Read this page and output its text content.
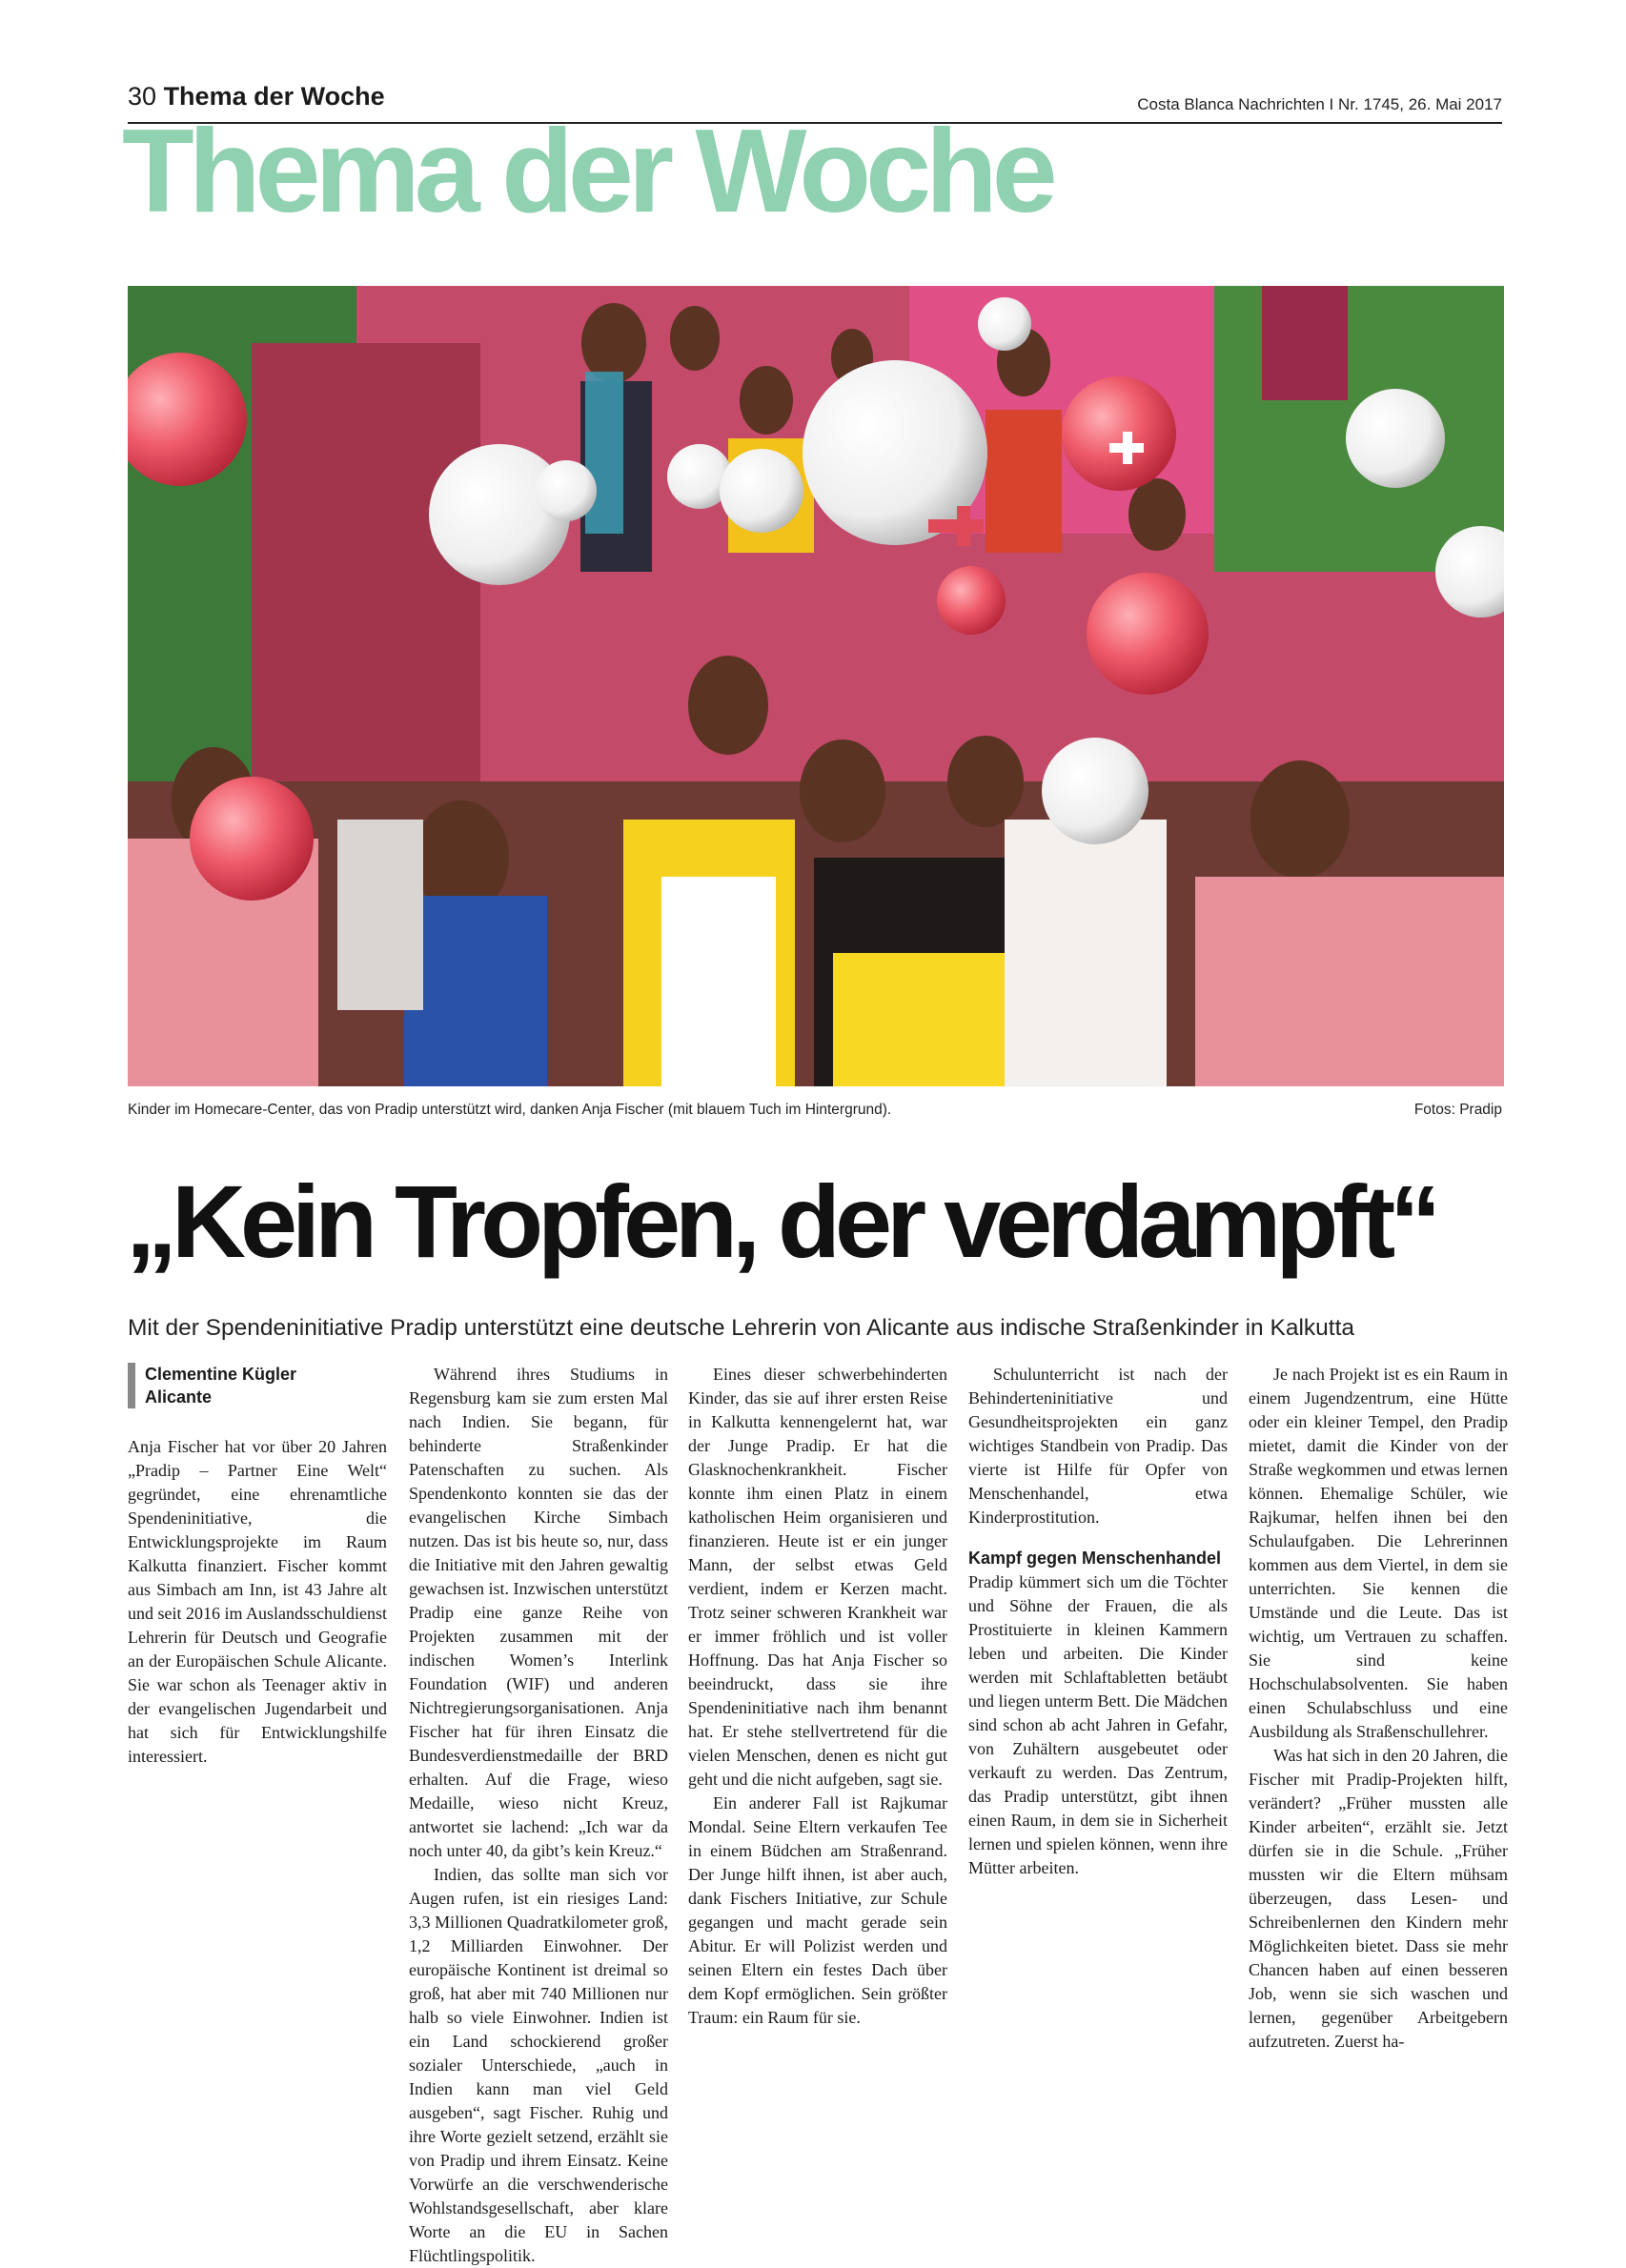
30 Thema der Woche	Costa Blanca Nachrichten I Nr. 1745, 26. Mai 2017
Thema der Woche
Kinder im Homecare-Center, das von Pradip unterstützt wird, danken Anja Fischer (mit blauem Tuch im Hintergrund).	Fotos: Pradip
„Kein Tropfen, der verdampft“
Mit der Spendeninitiative Pradip unterstützt eine deutsche Lehrerin von Alicante aus indische Straßenkinder in Kalkutta
Clementine Kügler
Alicante

Anja Fischer hat vor über 20 Jahren „Pradip – Partner Eine Welt“ gegründet, eine ehrenamtliche Spendeninitiative, die Entwicklungsprojekte im Raum Kalkutta finanziert. Fischer kommt aus Simbach am Inn, ist 43 Jahre alt und seit 2016 im Auslandsschuldienst Lehrerin für Deutsch und Geografie an der Europäischen Schule Alicante. Sie war schon als Teenager aktiv in der evangelischen Jugendarbeit und hat sich für Entwicklungshilfe interessiert.

Während ihres Studiums in Regensburg kam sie zum ersten Mal nach Indien. Sie begann, für behinderte Straßenkinder Patenschaften zu suchen. Als Spendenkonto konnten sie das der evangelischen Kirche Simbach nutzen. Das ist bis heute so, nur, dass die Initiative mit den Jahren gewaltig gewachsen ist. Inzwischen unterstützt Pradip eine ganze Reihe von Projekten zusammen mit der indischen Women’s Interlink Foundation (WIF) und anderen Nichtregierungsorganisationen. Anja Fischer hat für ihren Einsatz die Bundesverdienstmedaille der BRD erhalten. Auf die Frage, wieso Medaille, wieso nicht Kreuz, antwortet sie lachend: „Ich war da noch unter 40, da gibt’s kein Kreuz.“

Indien, das sollte man sich vor Augen rufen, ist ein riesiges Land: 3,3 Millionen Quadratkilometer groß, 1,2 Milliarden Einwohner. Der europäische Kontinent ist dreimal so groß, hat aber mit 740 Millionen nur halb so viele Einwohner. Indien ist ein Land schockierend großer sozialer Unterschiede, „auch in Indien kann man viel Geld ausgeben“, sagt Fischer. Ruhig und ihre Worte gezielt setzend, erzählt sie von Pradip und ihrem Einsatz. Keine Vorwürfe an die verschwenderische Wohlstandsgesellschaft, aber klare Worte an die EU in Sachen Flüchtlingspolitik.

Eines dieser schwerbehinderten Kinder, das sie auf ihrer ersten Reise in Kalkutta kennengelernt hat, war der Junge Pradip. Er hat die Glasknochenkrankheit. Fischer konnte ihm einen Platz in einem katholischen Heim organisieren und finanzieren. Heute ist er ein junger Mann, der selbst etwas Geld verdient, indem er Kerzen macht. Trotz seiner schweren Krankheit war er immer fröhlich und ist voller Hoffnung. Das hat Anja Fischer so beeindruckt, dass sie ihre Spendeninitiative nach ihm benannt hat. Er stehe stellvertretend für die vielen Menschen, denen es nicht gut geht und die nicht aufgeben, sagt sie.

Ein anderer Fall ist Rajkumar Mondal. Seine Eltern verkaufen Tee in einem Büdchen am Straßenrand. Der Junge hilft ihnen, ist aber auch, dank Fischers Initiative, zur Schule gegangen und macht gerade sein Abitur. Er will Polizist werden und seinen Eltern ein festes Dach über dem Kopf ermöglichen. Sein größter Traum: ein Raum für sie.

Schulunterricht ist nach der Behinderteninitiative und Gesundheitsprojekten ein ganz wichtiges Standbein von Pradip. Das vierte ist Hilfe für Opfer von Menschenhandel, etwa Kinderprostitution.

Kampf gegen Menschenhandel

Pradip kümmert sich um die Töchter und Söhne der Frauen, die als Prostituierte in kleinen Kammern leben und arbeiten. Die Kinder werden mit Schlaftabletten betäubt und liegen unterm Bett. Die Mädchen sind schon ab acht Jahren in Gefahr, von Zuhältern ausgebeutet oder verkauft zu werden. Das Zentrum, das Pradip unterstützt, gibt ihnen einen Raum, in dem sie in Sicherheit lernen und spielen können, wenn ihre Mütter arbeiten.

Je nach Projekt ist es ein Raum in einem Jugendzentrum, eine Hütte oder ein kleiner Tempel, den Pradip mietet, damit die Kinder von der Straße wegkommen und etwas lernen können. Ehemalige Schüler, wie Rajkumar, helfen ihnen bei den Schulaufgaben. Die Lehrerinnen kommen aus dem Viertel, in dem sie unterrichten. Sie kennen die Umstände und die Leute. Das ist wichtig, um Vertrauen zu schaffen. Sie sind keine Hochschulabsolventen. Sie haben einen Schulabschluss und eine Ausbildung als Straßenschullehrer.

Was hat sich in den 20 Jahren, die Fischer mit Pradip-Projekten hilft, verändert? „Früher mussten alle Kinder arbeiten“, erzählt sie. Jetzt dürfen sie in die Schule. „Früher mussten wir die Eltern mühsam überzeugen, dass Lesen- und Schreibenlernen den Kindern mehr Möglichkeiten bietet. Dass sie mehr Chancen haben auf einen besseren Job, wenn sie sich waschen und lernen, gegenüber Arbeitgebern aufzutreten. Zuerst ha-
